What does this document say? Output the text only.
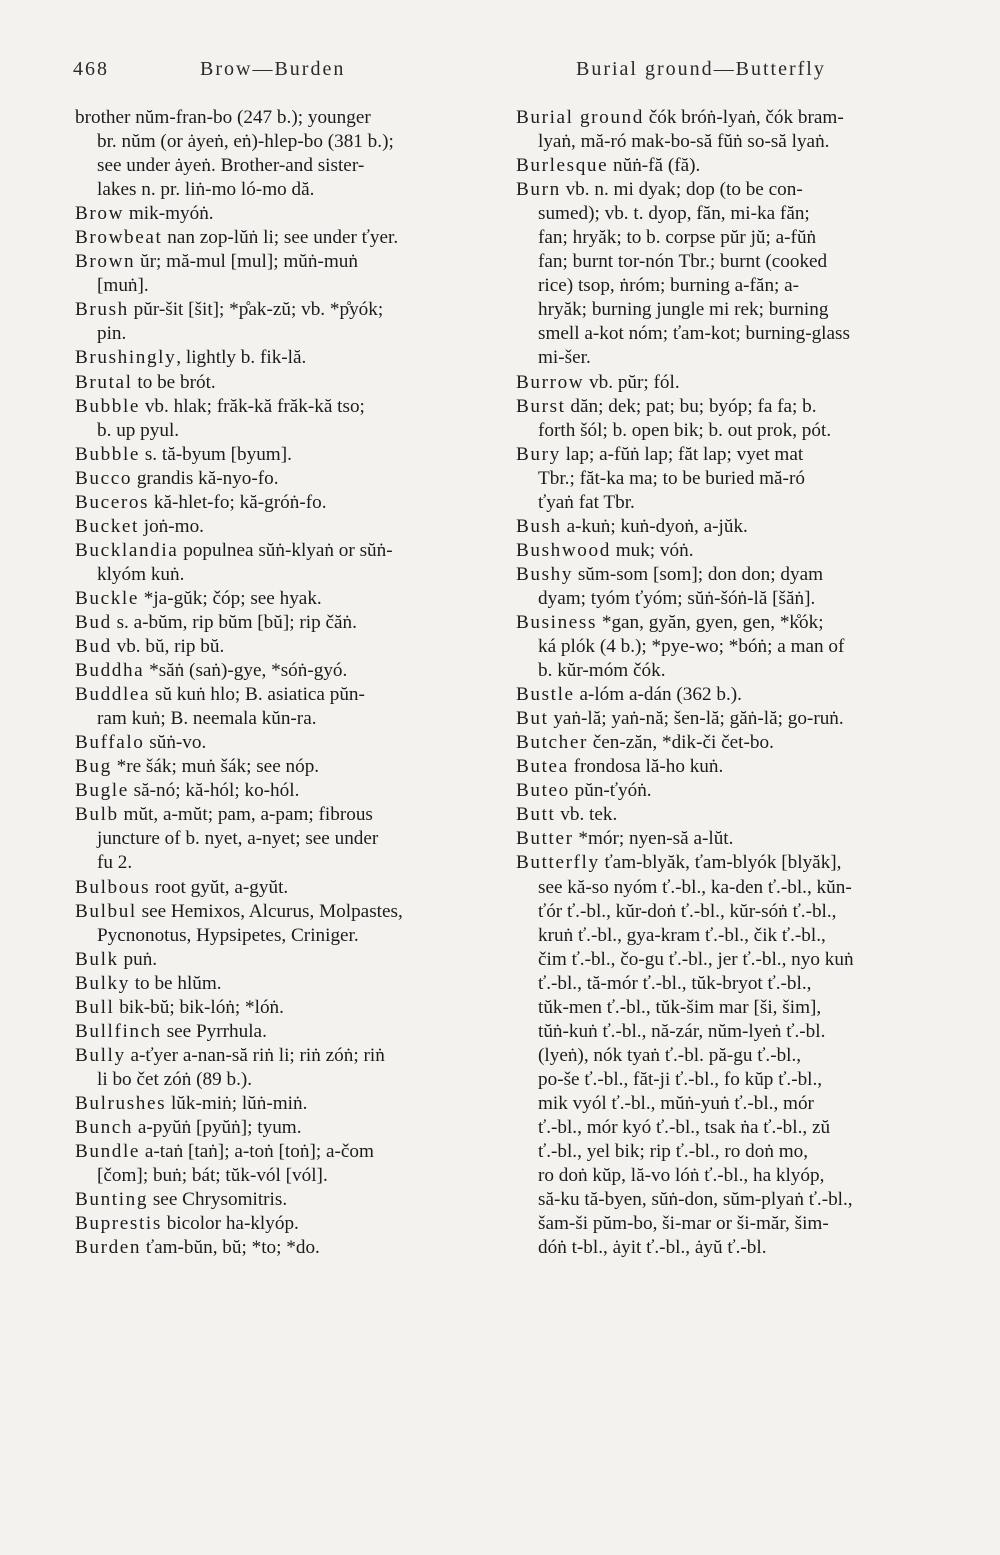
468	Brow—Burden	Burial ground—Butterfly

brother nŭm-fran-bo (247 b.); younger
br. nŭm (or ȧyeṅ, eṅ)-hlep-bo (381 b.);
see under ȧyeṅ. Brother-and sister-
lakes n. pr. liṅ-mo ló-mo dă.

Brow mik-myóṅ.

Browbeat nan zop-lŭṅ li; see under ťyer.

Brown ŭr; mă-mul [mul]; mŭṅ-muṅ
[muṅ].

Brush pŭr-šit [šit]; *p̊ak-zŭ; vb. *p̊yók;
pin.

Brushingly, lightly b. fik-lă.

Brutal to be brót.

Bubble vb. hlak; frăk-kă frăk-kă tso;
b. up pyul.

Bubble s. tă-byum [byum].

Bucco grandis kă-nyo-fo.

Buceros kă-hlet-fo; kă-gróṅ-fo.

Bucket joṅ-mo.

Bucklandia populnea sŭṅ-klyaṅ or sŭṅ-
klyóm kuṅ.

Buckle *ja-gŭk; čóp; see hyak.

Bud s. a-bŭm, rip bŭm [bŭ]; rip čăṅ.

Bud vb. bŭ, rip bŭ.

Buddha *săṅ (saṅ)-gye, *sóṅ-gyó.

Buddlea sŭ kuṅ hlo; B. asiatica pŭn-
ram kuṅ; B. neemala kŭn-ra.

Buffalo sŭṅ-vo.

Bug *re šák; muṅ šák; see nóp.

Bugle să-nó; kă-hól; ko-hól.

Bulb mŭt, a-mŭt; pam, a-pam; fibrous
juncture of b. nyet, a-nyet; see under
fu 2.

Bulbous root gyŭt, a-gyŭt.

Bulbul see Hemixos, Alcurus, Molpastes,
Pycnonotus, Hypsipetes, Criniger.

Bulk puṅ.

Bulky to be hlŭm.

Bull bik-bŭ; bik-lóṅ; *lóṅ.

Bullfinch see Pyrrhula.

Bully a-ťyer a-nan-să riṅ li; riṅ zóṅ; riṅ
li bo čet zóṅ (89 b.).

Bulrushes lŭk-miṅ; lŭṅ-miṅ.

Bunch a-pyŭṅ [pyŭṅ]; tyum.

Bundle a-taṅ [taṅ]; a-toṅ [toṅ]; a-čom
[čom]; buṅ; bát; tŭk-vól [vól].

Bunting see Chrysomitris.

Buprestis bicolor ha-klyóp.

Burden ťam-bŭn, bŭ; *to; *do.

Burial ground čók bróṅ-lyaṅ, čók bram-
lyaṅ, mă-ró mak-bo-să fŭṅ so-să lyaṅ.

Burlesque nŭṅ-fă (fă).

Burn vb. n. mi dyak; dop (to be con-
sumed); vb. t. dyop, făn, mi-ka făn;
fan; hryăk; to b. corpse pŭr jŭ; a-fŭṅ
fan; burnt tor-nón Tbr.; burnt (cooked
rice) tsop, ṅróm; burning a-făn; a-
hryăk; burning jungle mi rek; burning
smell a-kot nóm; ťam-kot; burning-glass
mi-šer.

Burrow vb. pŭr; fól.

Burst dăn; dek; pat; bu; byóp; fa fa; b.
forth šól; b. open bik; b. out prok, pót.

Bury lap; a-fŭṅ lap; făt lap; vyet mat
Tbr.; făt-ka ma; to be buried mă-ró
ťyaṅ fat Tbr.

Bush a-kuṅ; kuṅ-dyoṅ, a-jŭk.

Bushwood muk; vóṅ.

Bushy sŭm-som [som]; don don; dyam
dyam; tyóm ťyóm; sŭṅ-šóṅ-lă [šăṅ].

Business *gan, gyăn, gyen, gen, *k̊ók;
ká plók (4 b.); *pye-wo; *bóṅ; a man of
b. kŭr-móm čók.

Bustle a-lóm a-dán (362 b.).

But yaṅ-lă; yaṅ-nă; šen-lă; găṅ-lă; go-ruṅ.

Butcher čen-zăn, *dik-či čet-bo.

Butea frondosa lă-ho kuṅ.

Buteo pŭn-ťyóṅ.

Butt vb. tek.

Butter *mór; nyen-să a-lŭt.

Butterfly ťam-blyăk, ťam-blyók [blyăk],
see kă-so nyóm ť.-bl., ka-den ť.-bl., kŭn-
ťór ť.-bl., kŭr-doṅ ť.-bl., kŭr-sóṅ ť.-bl.,
kruṅ ť.-bl., gya-kram ť.-bl., čik ť.-bl.,
čim ť.-bl., čo-gu ť.-bl., jer ť.-bl., nyo kuṅ
ť.-bl., tă-mór ť.-bl., tŭk-bryot ť.-bl.,
tŭk-men ť.-bl., tŭk-šim mar [ši, šim],
tŭṅ-kuṅ ť.-bl., nă-zár, nŭm-lyeṅ ť.-bl.
(lyeṅ), nók tyaṅ ť.-bl. pă-gu ť.-bl.,
po-še ť.-bl., făt-ji ť.-bl., fo kŭp ť.-bl.,
mik vyól ť.-bl., mŭṅ-yuṅ ť.-bl., mór
ť.-bl., mór kyó ť.-bl., tsak ṅa ť.-bl., zŭ
ť.-bl., yel bik; rip ť.-bl., ro doṅ mo,
ro doṅ kŭp, lă-vo lóṅ ť.-bl., ha klyóp,
să-ku tă-byen, sŭṅ-don, sŭm-plyaṅ ť.-bl.,
šam-ši pŭm-bo, ši-mar or ši-măr, šim-
dóṅ t-bl., ȧyit ť.-bl., ȧyŭ ť.-bl.
